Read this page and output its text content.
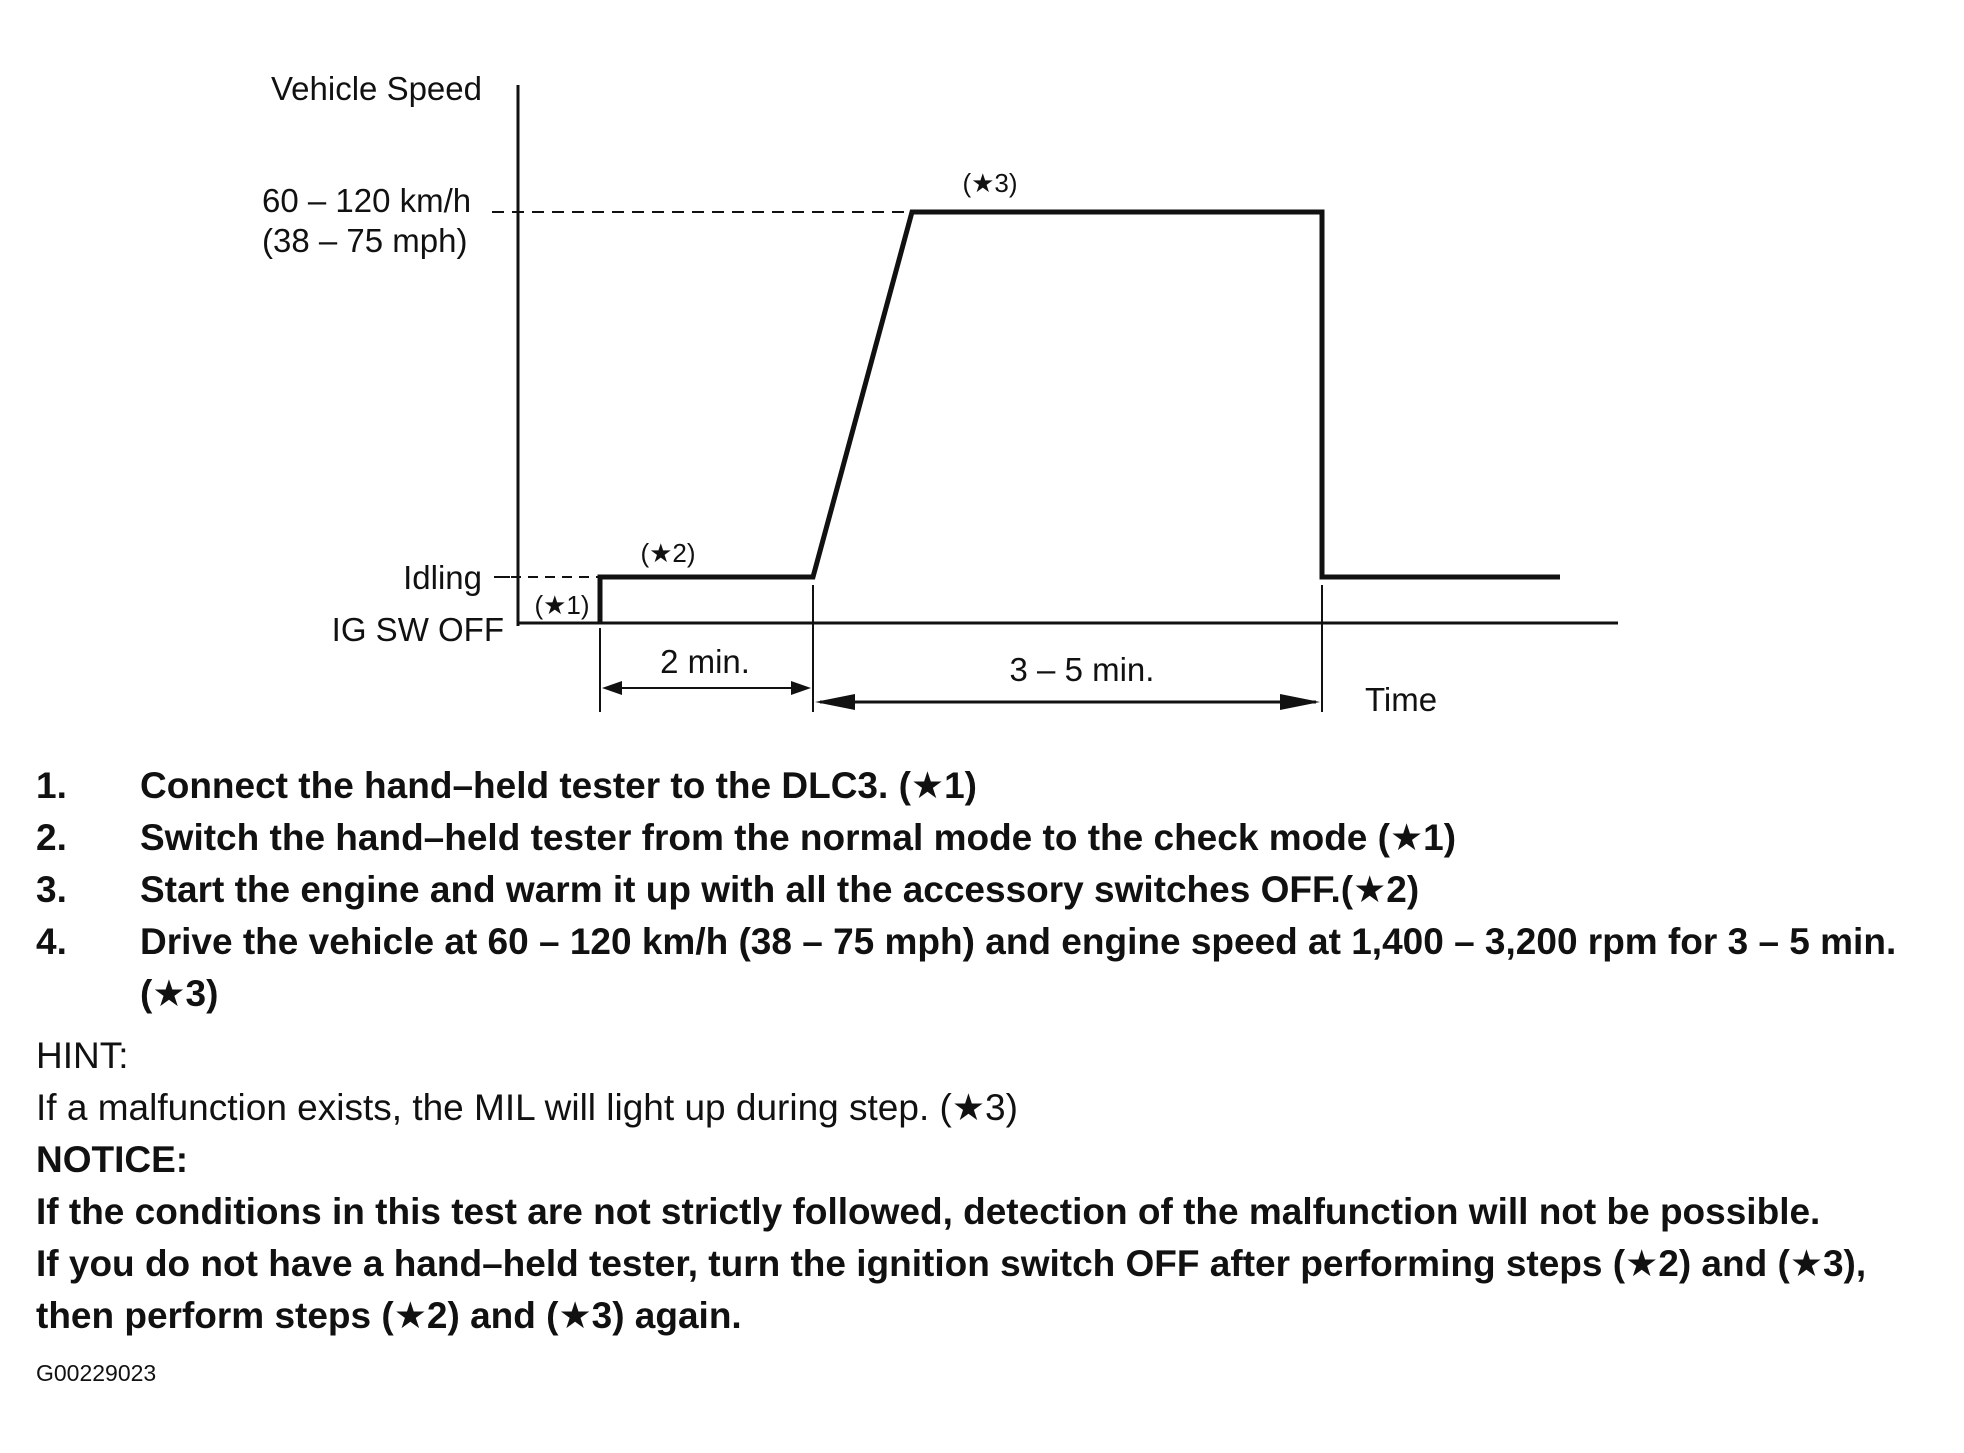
Vehicle Speed
60 – 120 km/h
(38 – 75 mph)
Idling
IG SW OFF
(★1)
(★2)
(★3)
2 min.	3 – 5 min.
Time
1.	Connect the hand–held tester to the DLC3. (★1)
2.	Switch the hand–held tester from the normal mode to the check mode (★1)
3.	Start the engine and warm it up with all the accessory switches OFF.(★2)
4.	Drive the vehicle at 60 – 120 km/h (38 – 75 mph) and engine speed at 1,400 – 3,200 rpm for 3 – 5 min.(★3)
HINT:
If a malfunction exists, the MIL will light up during step. (★3)
NOTICE:
If the conditions in this test are not strictly followed, detection of the malfunction will not be possible.
If you do not have a hand–held tester, turn the ignition switch OFF after performing steps (★2) and (★3), then perform steps (★2) and (★3) again.
G00229023
